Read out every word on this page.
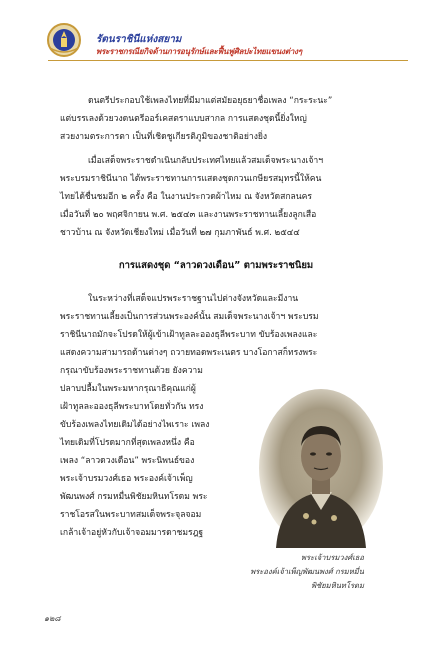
รัตนราชินีแห่งสยาม
พระราชกรณียกิจด้านการอนุรักษ์และฟื้นฟูศิลปะไทยแขนงต่างๆ
ดนตรีประกอบใช้เพลงไทยที่มีมาแต่สมัยอยุธยาชื่อเพลง “กระระนะ”
แต่บรรเลงด้วยวงดนตรีออร์เคสตราแบบสากล การแสดงชุดนี้ยิ่งใหญ่
สวยงามตระการตา เป็นที่เชิดชูเกียรติภูมิของชาติอย่างยิ่ง
เมื่อเสด็จพระราชดำเนินกลับประเทศไทยแล้วสมเด็จพระนางเจ้าฯ
พระบรมราชินีนาถ ได้พระราชทานการแสดงชุดกวนเกษียรสมุทรนี้ให้คน
ไทยได้ชื่นชมอีก ๒ ครั้ง คือ ในงานประกวดผ้าไหม ณ จังหวัดสกลนคร
เมื่อวันที่ ๒๐ พฤศจิกายน พ.ศ. ๒๕๔๓ และงานพระราชทานเลี้ยงลูกเสือ
ชาวบ้าน ณ จังหวัดเชียงใหม่ เมื่อวันที่ ๒๗ กุมภาพันธ์ พ.ศ. ๒๕๔๔
การแสดงชุด “ลาวดวงเดือน” ตามพระราชนิยม
ในระหว่างที่เสด็จแปรพระราชฐานไปต่างจังหวัดและมีงาน
พระราชทานเลี้ยงเป็นการส่วนพระองค์นั้น สมเด็จพระนางเจ้าฯ พระบรม
ราชินีนาถมักจะโปรดให้ผู้เข้าเฝ้าทูลละอองธุลีพระบาท ขับร้องเพลงและ
แสดงความสามารถด้านต่างๆ ถวายทอดพระเนตร บางโอกาสก็ทรงพระ
กรุณาขับร้องพระราชทานด้วย ยังความ
ปลาบปลื้มในพระมหากรุณาธิคุณแก่ผู้
เฝ้าทูลละอองธุลีพระบาทโดยทั่วกัน ทรง
ขับร้องเพลงไทยเดิมได้อย่างไพเราะ เพลง
ไทยเดิมที่โปรดมากที่สุดเพลงหนึ่ง คือ
เพลง “ลาวดวงเดือน” พระนิพนธ์ของ
พระเจ้าบรมวงศ์เธอ พระองค์เจ้าเพ็ญ
พัฒนพงศ์ กรมหมื่นพิชัยมหินทโรดม พระ
ราชโอรสในพระบาทสมเด็จพระจุลจอม
เกล้าเจ้าอยู่หัวกับเจ้าจอมมารดาชมรฎฐ
พระเจ้าบรมวงศ์เธอ
พระองค์เจ้าเพ็ญพัฒนพงศ์ กรมหมื่น
พิชัยมหินทโรดม
๑๒๘
